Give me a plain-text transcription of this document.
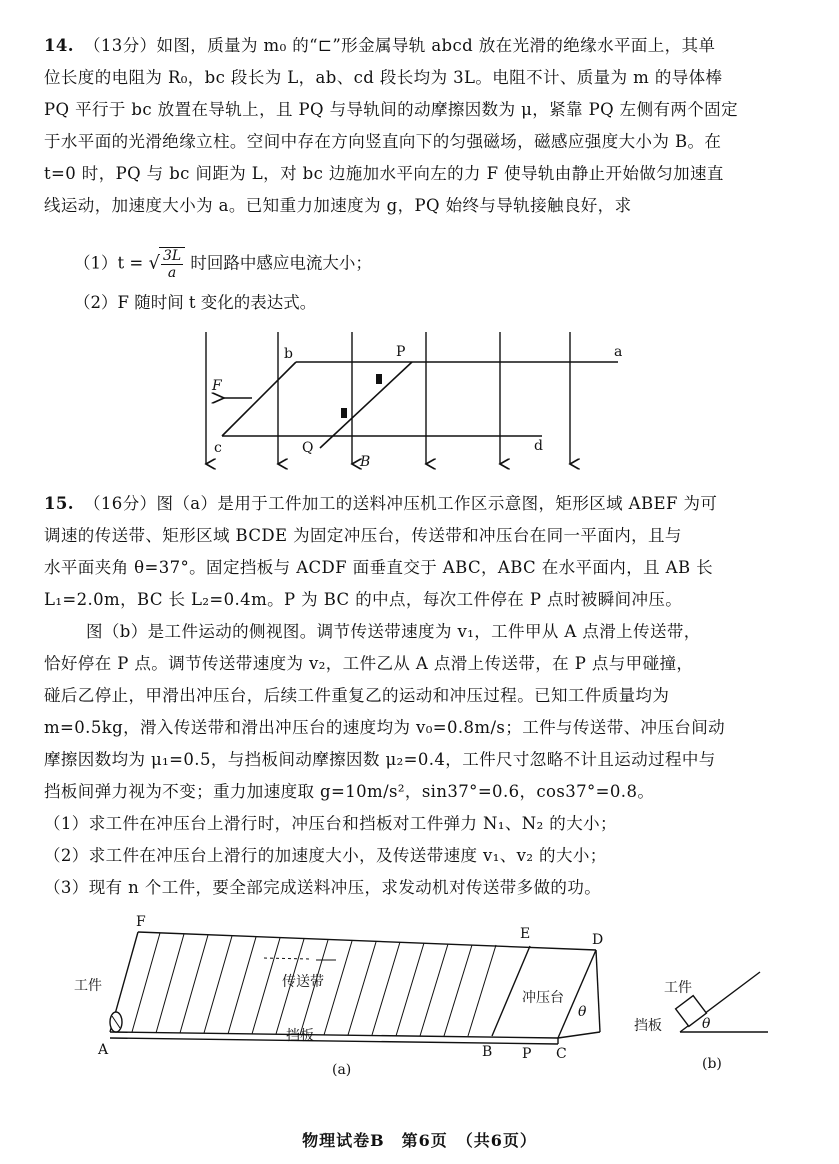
14. （13分）如图，质量为 m₀ 的“⊏”形金属导轨 abcd 放在光滑的绝缘水平面上，其单
位长度的电阻为 R₀，bc 段长为 L，ab、cd 段长均为 3L。电阻不计、质量为 m 的导体棒
PQ 平行于 bc 放置在导轨上，且 PQ 与导轨间的动摩擦因数为 μ，紧靠 PQ 左侧有两个固定
于水平面的光滑绝缘立柱。空间中存在方向竖直向下的匀强磁场，磁感应强度大小为 B。在
t=0 时，PQ 与 bc 间距为 L，对 bc 边施加水平向左的力 F 使导轨由静止开始做匀加速直
线运动，加速度大小为 a。已知重力加速度为 g，PQ 始终与导轨接触良好，求
（1）t = √ $\frac{3L}{a}$ 时回路中感应电流大小；
（2）F 随时间 t 变化的表达式。
b	P	a
F
c	Q
B
d
15. （16分）图（a）是用于工件加工的送料冲压机工作区示意图，矩形区域 ABEF 为可
调速的传送带、矩形区域 BCDE 为固定冲压台，传送带和冲压台在同一平面内，且与
水平面夹角 θ=37°。固定挡板与 ACDF 面垂直交于 ABC，ABC 在水平面内，且 AB 长
L₁=2.0m，BC 长 L₂=0.4m。P 为 BC 的中点，每次工件停在 P 点时被瞬间冲压。
图（b）是工件运动的侧视图。调节传送带速度为 v₁，工件甲从 A 点滑上传送带，
恰好停在 P 点。调节传送带速度为 v₂，工件乙从 A 点滑上传送带，在 P 点与甲碰撞，
碰后乙停止，甲滑出冲压台，后续工件重复乙的运动和冲压过程。已知工件质量均为
m=0.5kg，滑入传送带和滑出冲压台的速度均为 v₀=0.8m/s；工件与传送带、冲压台间动
摩擦因数均为 μ₁=0.5，与挡板间动摩擦因数 μ₂=0.4，工件尺寸忽略不计且运动过程中与
挡板间弹力视为不变；重力加速度取 g=10m/s²，sin37°=0.6，cos37°=0.8。
（1）求工件在冲压台上滑行时，冲压台和挡板对工件弹力 N₁、N₂ 的大小；
（2）求工件在冲压台上滑行的加速度大小，及传送带速度 v₁、v₂ 的大小；
（3）现有 n 个工件，要全部完成送料冲压，求发动机对传送带多做的功。
F
E	D
工件
A
传送带
冲压台
θ
挡板
B P C
(a)
工件
挡板	θ
(b)
物理试卷B　第6页　（共6页）
